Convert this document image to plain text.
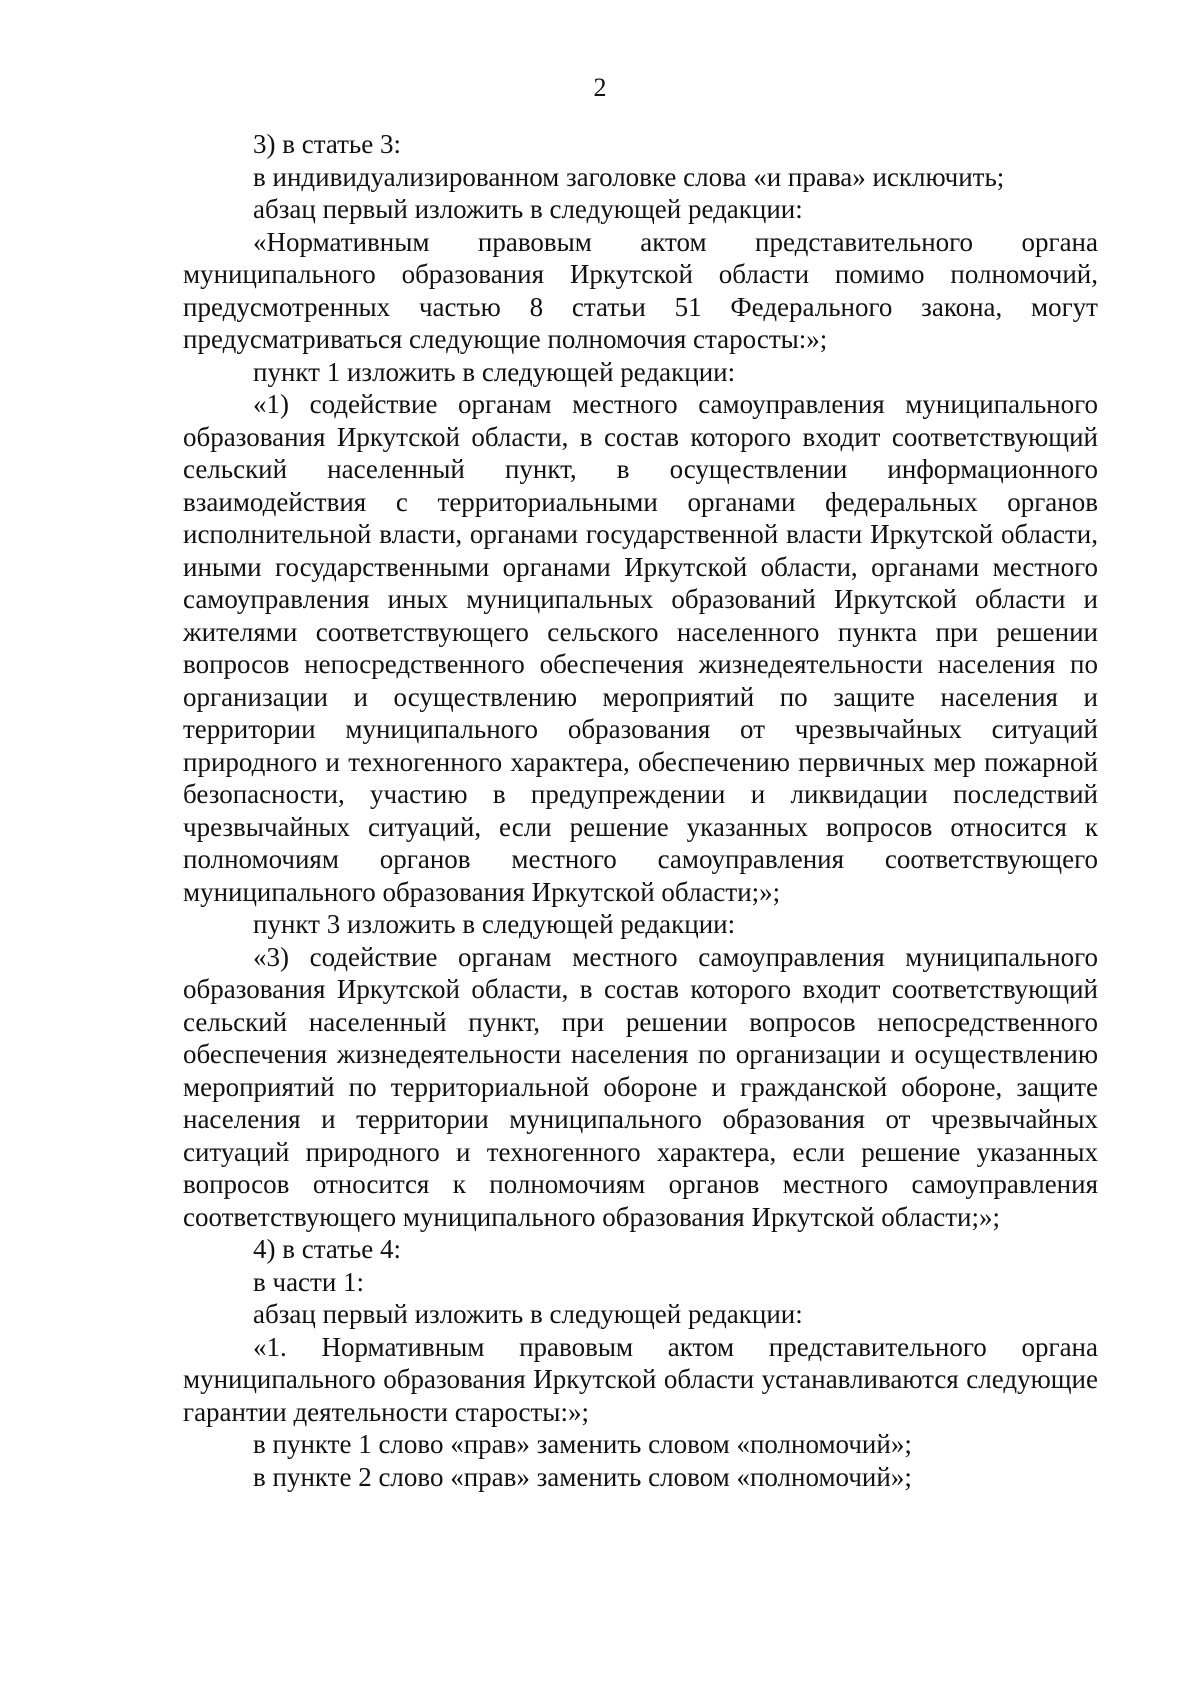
2

3) в статье 3:

в индивидуализированном заголовке слова «и права» исключить;

абзац первый изложить в следующей редакции:

«Нормативным правовым актом представительного органа муниципального образования Иркутской области помимо полномочий, предусмотренных частью 8 статьи 51 Федерального закона, могут предусматриваться следующие полномочия старосты:»;

пункт 1 изложить в следующей редакции:

«1) содействие органам местного самоуправления муниципального образования Иркутской области, в состав которого входит соответствующий сельский населенный пункт, в осуществлении информационного взаимодействия с территориальными органами федеральных органов исполнительной власти, органами государственной власти Иркутской области, иными государственными органами Иркутской области, органами местного самоуправления иных муниципальных образований Иркутской области и жителями соответствующего сельского населенного пункта при решении вопросов непосредственного обеспечения жизнедеятельности населения по организации и осуществлению мероприятий по защите населения и территории муниципального образования от чрезвычайных ситуаций природного и техногенного характера, обеспечению первичных мер пожарной безопасности, участию в предупреждении и ликвидации последствий чрезвычайных ситуаций, если решение указанных вопросов относится к полномочиям органов местного самоуправления соответствующего муниципального образования Иркутской области;»;

пункт 3 изложить в следующей редакции:

«3) содействие органам местного самоуправления муниципального образования Иркутской области, в состав которого входит соответствующий сельский населенный пункт, при решении вопросов непосредственного обеспечения жизнедеятельности населения по организации и осуществлению мероприятий по территориальной обороне и гражданской обороне, защите населения и территории муниципального образования от чрезвычайных ситуаций природного и техногенного характера, если решение указанных вопросов относится к полномочиям органов местного самоуправления соответствующего муниципального образования Иркутской области;»;

4) в статье 4:

в части 1:

абзац первый изложить в следующей редакции:

«1. Нормативным правовым актом представительного органа муниципального образования Иркутской области устанавливаются следующие гарантии деятельности старосты:»;

в пункте 1 слово «прав» заменить словом «полномочий»;

в пункте 2 слово «прав» заменить словом «полномочий»;
